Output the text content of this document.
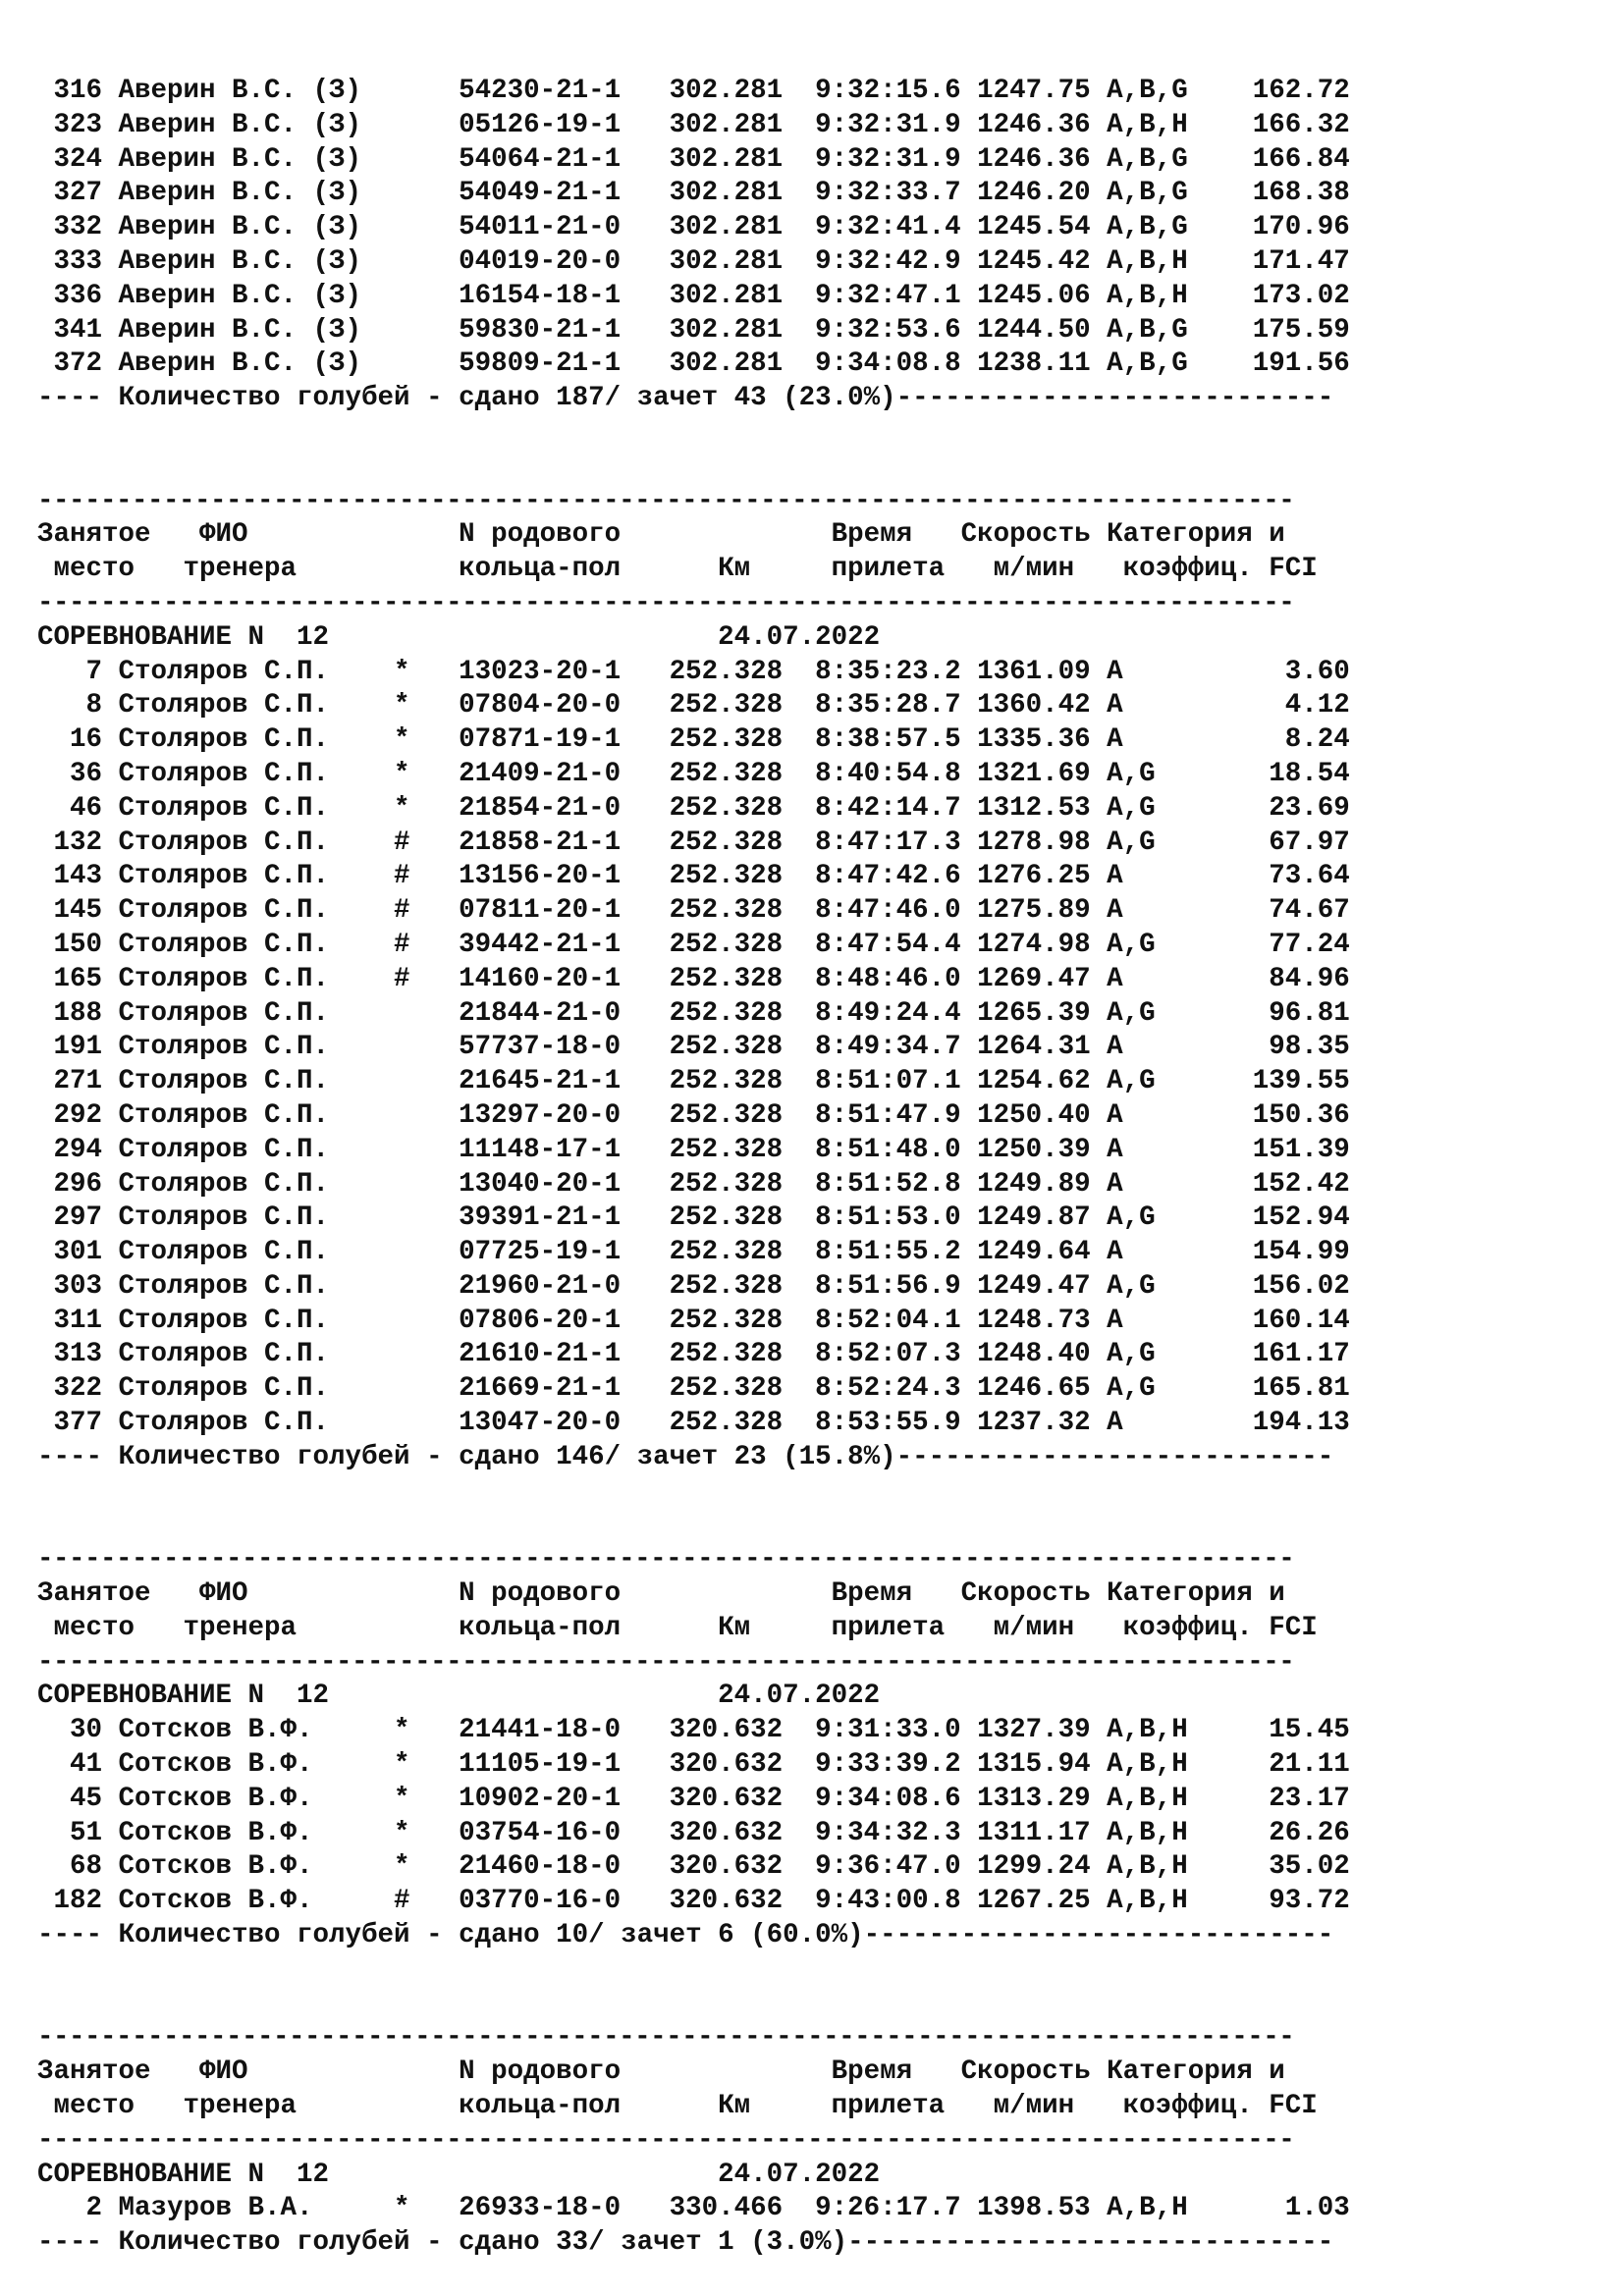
316 Аверин В.С. (З)      54230-21-1   302.281  9:32:15.6 1247.75 A,B,G    162.72
323 Аверин В.С. (З)      05126-19-1   302.281  9:32:31.9 1246.36 A,B,H    166.32
324 Аверин В.С. (З)      54064-21-1   302.281  9:32:31.9 1246.36 A,B,G    166.84
327 Аверин В.С. (З)      54049-21-1   302.281  9:32:33.7 1246.20 A,B,G    168.38
332 Аверин В.С. (З)      54011-21-0   302.281  9:32:41.4 1245.54 A,B,G    170.96
333 Аверин В.С. (З)      04019-20-0   302.281  9:32:42.9 1245.42 A,B,H    171.47
336 Аверин В.С. (З)      16154-18-1   302.281  9:32:47.1 1245.06 A,B,H    173.02
341 Аверин В.С. (З)      59830-21-1   302.281  9:32:53.6 1244.50 A,B,G    175.59
372 Аверин В.С. (З)      59809-21-1   302.281  9:34:08.8 1238.11 A,B,G    191.56
---- Количество голубей - сдано 187/ зачет 43 (23.0%)---------------------------
--------------------------------------------------------------------------------
Занятое   ФИО             N родового             Время   Скорость Категория и
место   тренера          кольца-пол      Км     прилета   м/мин   коэффиц. FCI
--------------------------------------------------------------------------------
СОРЕВНОВАНИЕ N  12                        24.07.2022
7 Столяров С.П.    *   13023-20-1   252.328  8:35:23.2 1361.09 A          3.60
8 Столяров С.П.    *   07804-20-0   252.328  8:35:28.7 1360.42 A          4.12
16 Столяров С.П.    *   07871-19-1   252.328  8:38:57.5 1335.36 A          8.24
36 Столяров С.П.    *   21409-21-0   252.328  8:40:54.8 1321.69 A,G       18.54
46 Столяров С.П.    *   21854-21-0   252.328  8:42:14.7 1312.53 A,G       23.69
132 Столяров С.П.    #   21858-21-1   252.328  8:47:17.3 1278.98 A,G       67.97
143 Столяров С.П.    #   13156-20-1   252.328  8:47:42.6 1276.25 A         73.64
145 Столяров С.П.    #   07811-20-1   252.328  8:47:46.0 1275.89 A         74.67
150 Столяров С.П.    #   39442-21-1   252.328  8:47:54.4 1274.98 A,G       77.24
165 Столяров С.П.    #   14160-20-1   252.328  8:48:46.0 1269.47 A         84.96
188 Столяров С.П.        21844-21-0   252.328  8:49:24.4 1265.39 A,G       96.81
191 Столяров С.П.        57737-18-0   252.328  8:49:34.7 1264.31 A         98.35
271 Столяров С.П.        21645-21-1   252.328  8:51:07.1 1254.62 A,G      139.55
292 Столяров С.П.        13297-20-0   252.328  8:51:47.9 1250.40 A        150.36
294 Столяров С.П.        11148-17-1   252.328  8:51:48.0 1250.39 A        151.39
296 Столяров С.П.        13040-20-1   252.328  8:51:52.8 1249.89 A        152.42
297 Столяров С.П.        39391-21-1   252.328  8:51:53.0 1249.87 A,G      152.94
301 Столяров С.П.        07725-19-1   252.328  8:51:55.2 1249.64 A        154.99
303 Столяров С.П.        21960-21-0   252.328  8:51:56.9 1249.47 A,G      156.02
311 Столяров С.П.        07806-20-1   252.328  8:52:04.1 1248.73 A        160.14
313 Столяров С.П.        21610-21-1   252.328  8:52:07.3 1248.40 A,G      161.17
322 Столяров С.П.        21669-21-1   252.328  8:52:24.3 1246.65 A,G      165.81
377 Столяров С.П.        13047-20-0   252.328  8:53:55.9 1237.32 A        194.13
---- Количество голубей - сдано 146/ зачет 23 (15.8%)---------------------------
--------------------------------------------------------------------------------
Занятое   ФИО             N родового             Время   Скорость Категория и
место   тренера          кольца-пол      Км     прилета   м/мин   коэффиц. FCI
--------------------------------------------------------------------------------
СОРЕВНОВАНИЕ N  12                        24.07.2022
30 Сотсков В.Ф.     *   21441-18-0   320.632  9:31:33.0 1327.39 A,B,H     15.45
41 Сотсков В.Ф.     *   11105-19-1   320.632  9:33:39.2 1315.94 A,B,H     21.11
45 Сотсков В.Ф.     *   10902-20-1   320.632  9:34:08.6 1313.29 A,B,H     23.17
51 Сотсков В.Ф.     *   03754-16-0   320.632  9:34:32.3 1311.17 A,B,H     26.26
68 Сотсков В.Ф.     *   21460-18-0   320.632  9:36:47.0 1299.24 A,B,H     35.02
182 Сотсков В.Ф.     #   03770-16-0   320.632  9:43:00.8 1267.25 A,B,H     93.72
---- Количество голубей - сдано 10/ зачет 6 (60.0%)-----------------------------
--------------------------------------------------------------------------------
Занятое   ФИО             N родового             Время   Скорость Категория и
место   тренера          кольца-пол      Км     прилета   м/мин   коэффиц. FCI
--------------------------------------------------------------------------------
СОРЕВНОВАНИЕ N  12                        24.07.2022
2 Мазуров В.А.     *   26933-18-0   330.466  9:26:17.7 1398.53 A,B,H      1.03
---- Количество голубей - сдано 33/ зачет 1 (3.0%)------------------------------
